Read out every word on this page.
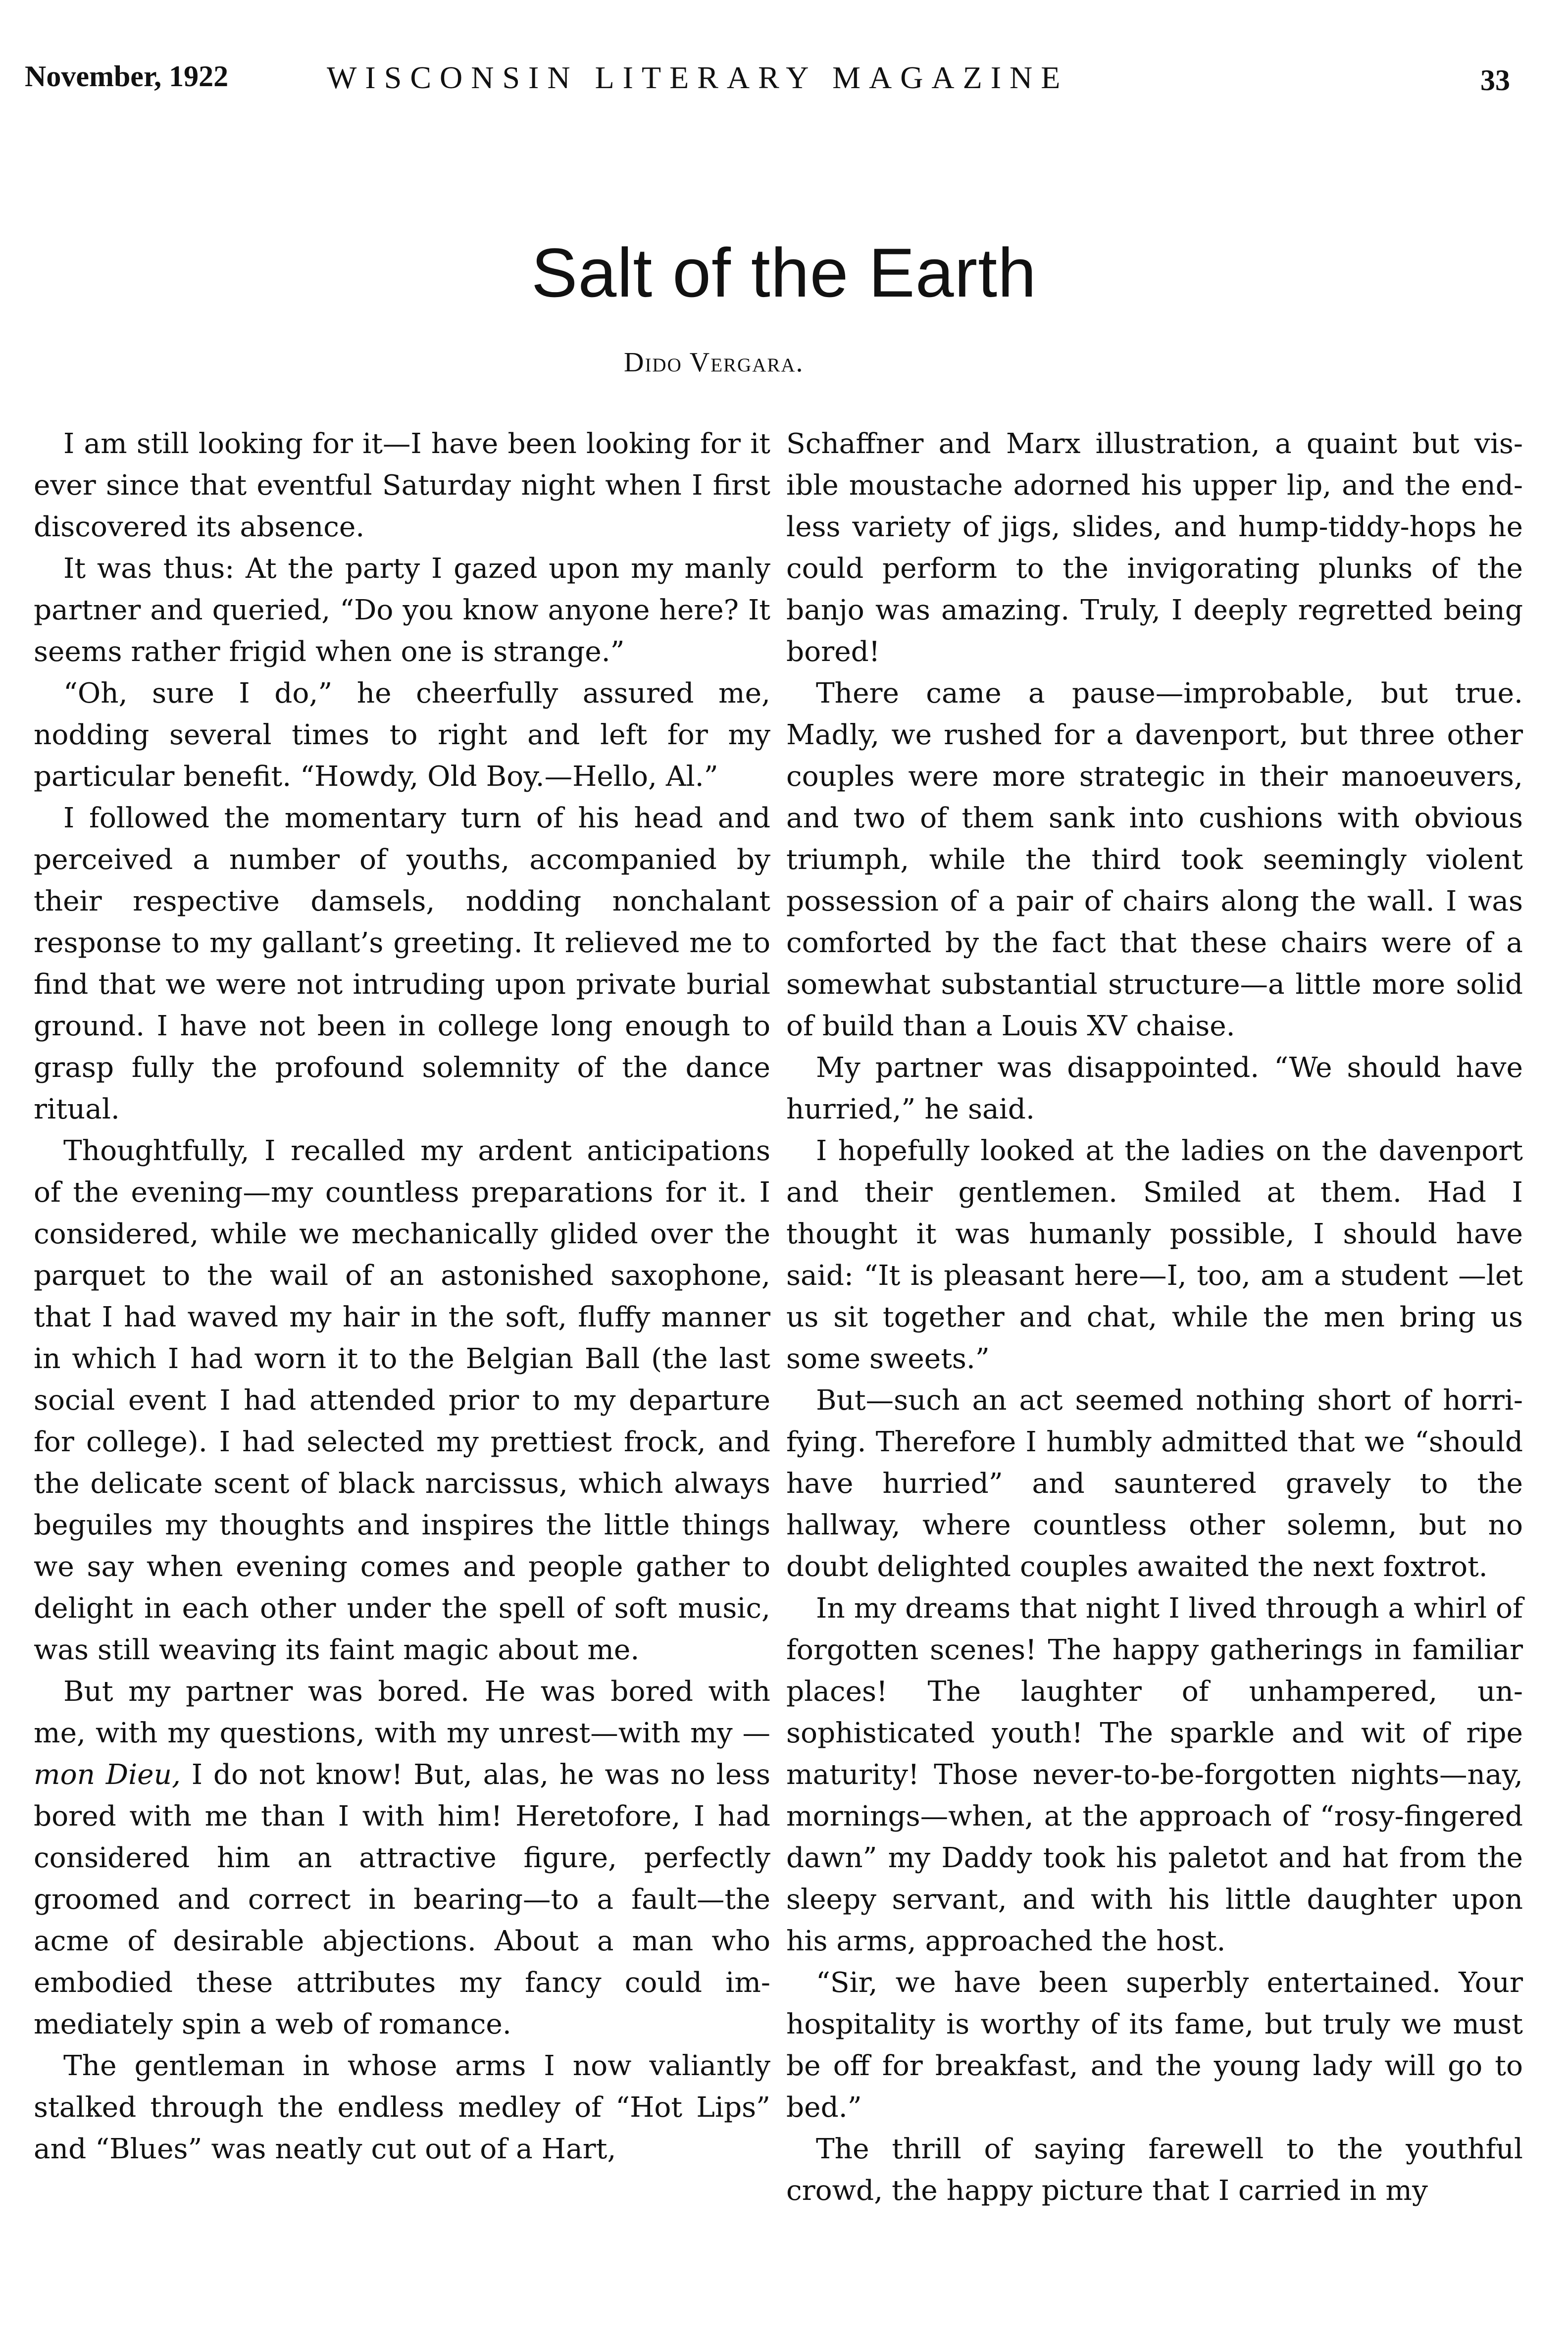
November, 1922	WISCONSIN LITERARY MAGAZINE	33
Salt of the Earth
Dido Vergara.

I am still looking for it—I have been looking for it ever since that eventful Saturday night when I first discovered its absence.

It was thus: At the party I gazed upon my manly partner and queried, “Do you know anyone here? It seems rather frigid when one is strange.”

“Oh, sure I do,” he cheerfully assured me, nodding several times to right and left for my particular benefit. “Howdy, Old Boy.—Hello, Al.”

I followed the momentary turn of his head and perceived a number of youths, accompanied by their respective damsels, nodding nonchalant response to my gallant’s greeting. It relieved me to find that we were not intruding upon private burial ground. I have not been in college long enough to grasp fully the profound solemnity of the dance ritual.

Thoughtfully, I recalled my ardent anticipations of the evening—my countless preparations for it. I considered, while we mechanically glided over the parquet to the wail of an astonished saxophone, that I had waved my hair in the soft, fluffy manner in which I had worn it to the Belgian Ball (the last social event I had attended prior to my departure for college). I had selected my prettiest frock, and the delicate scent of black narcissus, which always beguiles my thoughts and inspires the little things we say when evening comes and people gather to delight in each other under the spell of soft music, was still weaving its faint magic about me.

But my partner was bored. He was bored with me, with my questions, with my unrest—with my —mon Dieu, I do not know! But, alas, he was no less bored with me than I with him! Heretofore, I had considered him an attractive figure, perfectly groomed and correct in bearing—to a fault—the acme of desirable abjections. About a man who embodied these attributes my fancy could immediately spin a web of romance.

The gentleman in whose arms I now valiantly stalked through the endless medley of “Hot Lips” and “Blues” was neatly cut out of a Hart,

Schaffner and Marx illustration, a quaint but visible moustache adorned his upper lip, and the endless variety of jigs, slides, and hump-tiddy-hops he could perform to the invigorating plunks of the banjo was amazing. Truly, I deeply regretted being bored!

There came a pause—improbable, but true. Madly, we rushed for a davenport, but three other couples were more strategic in their manoeuvers, and two of them sank into cushions with obvious triumph, while the third took seemingly violent possession of a pair of chairs along the wall. I was comforted by the fact that these chairs were of a somewhat substantial structure—a little more solid of build than a Louis XV chaise.

My partner was disappointed. “We should have hurried,” he said.

I hopefully looked at the ladies on the davenport and their gentlemen. Smiled at them. Had I thought it was humanly possible, I should have said: “It is pleasant here—I, too, am a student —let us sit together and chat, while the men bring us some sweets.”

But—such an act seemed nothing short of horrifying. Therefore I humbly admitted that we “should have hurried” and sauntered gravely to the hallway, where countless other solemn, but no doubt delighted couples awaited the next foxtrot.

In my dreams that night I lived through a whirl of forgotten scenes! The happy gatherings in familiar places! The laughter of unhampered, unsophisticated youth! The sparkle and wit of ripe maturity! Those never-to-be-forgotten nights—nay, mornings—when, at the approach of “rosy-fingered dawn” my Daddy took his paletot and hat from the sleepy servant, and with his little daughter upon his arms, approached the host.

“Sir, we have been superbly entertained. Your hospitality is worthy of its fame, but truly we must be off for breakfast, and the young lady will go to bed.”

The thrill of saying farewell to the youthful crowd, the happy picture that I carried in my
